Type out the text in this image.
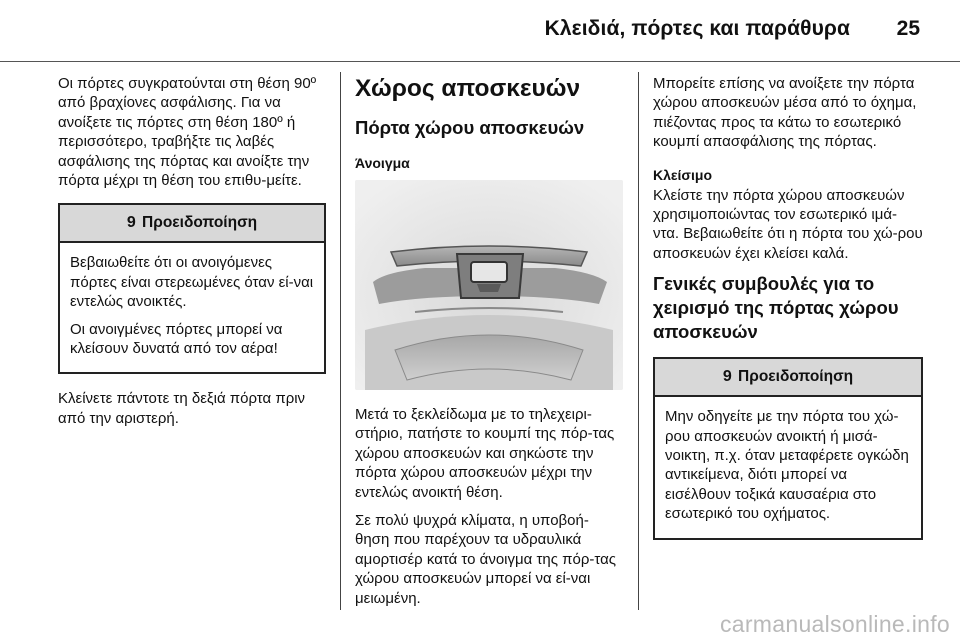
Κλειδιά, πόρτες και παράθυρα 25

Οι πόρτες συγκρατούνται στη θέση 90º από βραχίονες ασφάλισης. Για να ανοίξετε τις πόρτες στη θέση 180º ή περισσότερο, τραβήξτε τις λαβές ασφάλισης της πόρτας και ανοίξτε την πόρτα μέχρι τη θέση του επιθυ-μείτε.

9 Προειδοποίηση

Βεβαιωθείτε ότι οι ανοιγόμενες πόρτες είναι στερεωμένες όταν εί-ναι εντελώς ανοικτές.

Οι ανοιγμένες πόρτες μπορεί να κλείσουν δυνατά από τον αέρα!

Κλείνετε πάντοτε τη δεξιά πόρτα πριν από την αριστερή.

Χώρος αποσκευών
Πόρτα χώρου αποσκευών
Άνοιγμα

Μετά το ξεκλείδωμα με το τηλεχειρι-στήριο, πατήστε το κουμπί της πόρ-τας χώρου αποσκευών και σηκώστε την πόρτα χώρου αποσκευών μέχρι την εντελώς ανοικτή θέση.

Σε πολύ ψυχρά κλίματα, η υποβοή-θηση που παρέχουν τα υδραυλικά αμορτισέρ κατά το άνοιγμα της πόρ-τας χώρου αποσκευών μπορεί να εί-ναι μειωμένη.

Μπορείτε επίσης να ανοίξετε την πόρτα χώρου αποσκευών μέσα από το όχημα, πιέζοντας προς τα κάτω το εσωτερικό κουμπί απασφάλισης της πόρτας.

Κλείσιμο

Κλείστε την πόρτα χώρου αποσκευών χρησιμοποιώντας τον εσωτερικό ιμά-ντα. Βεβαιωθείτε ότι η πόρτα του χώ-ρου αποσκευών έχει κλείσει καλά.

Γενικές συμβουλές για το χειρισμό της πόρτας χώρου αποσκευών
9 Προειδοποίηση

Μην οδηγείτε με την πόρτα του χώ-ρου αποσκευών ανοικτή ή μισά-νοικτη, π.χ. όταν μεταφέρετε ογκώδη αντικείμενα, διότι μπορεί να εισέλθουν τοξικά καυσαέρια στο εσωτερικό του οχήματος.

carmanualsonline.info
